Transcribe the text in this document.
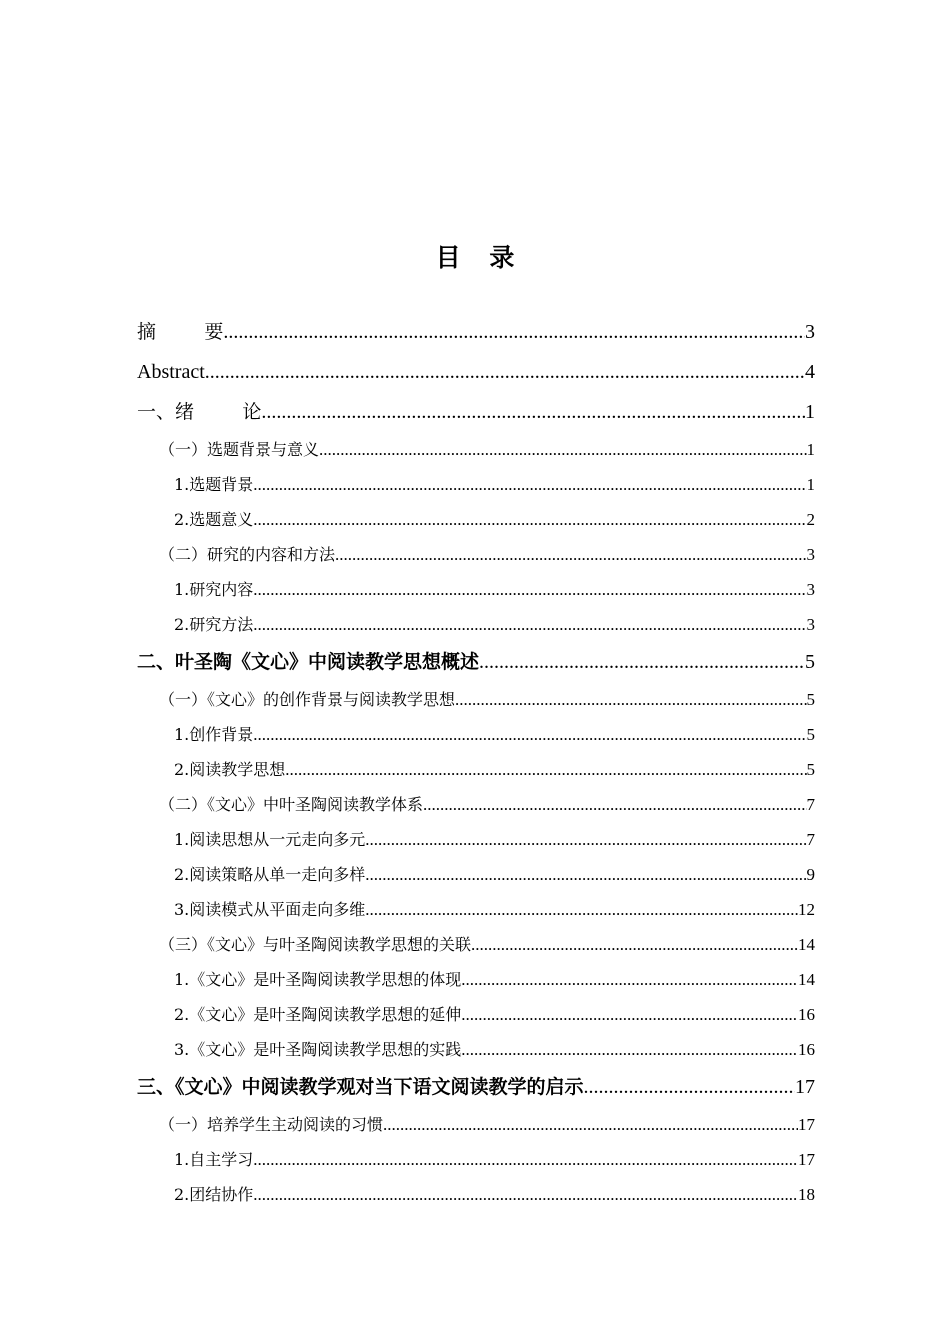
目 录
摘        要 .....	3
Abstract .....	4
一、绪        论 .....	1
（一）选题背景与意义 .....	1
1.选题背景 .....	1
2.选题意义 .....	2
（二）研究的内容和方法 .....	3
1.研究内容 .....	3
2.研究方法 .....	3
二、叶圣陶《文心》中阅读教学思想概述 .....	5
（一）《文心》的创作背景与阅读教学思想 .....	5
1.创作背景 .....	5
2.阅读教学思想 .....	5
（二）《文心》中叶圣陶阅读教学体系 .....	7
1.阅读思想从一元走向多元 .....	7
2.阅读策略从单一走向多样 .....	9
3.阅读模式从平面走向多维 .....	12
（三）《文心》与叶圣陶阅读教学思想的关联 .....	14
1.《文心》是叶圣陶阅读教学思想的体现 .....	14
2.《文心》是叶圣陶阅读教学思想的延伸 .....	16
3.《文心》是叶圣陶阅读教学思想的实践 .....	16
三、《文心》中阅读教学观对当下语文阅读教学的启示 .....	17
（一）培养学生主动阅读的习惯 .....	17
1.自主学习 .....	17
2.团结协作 .....	18
